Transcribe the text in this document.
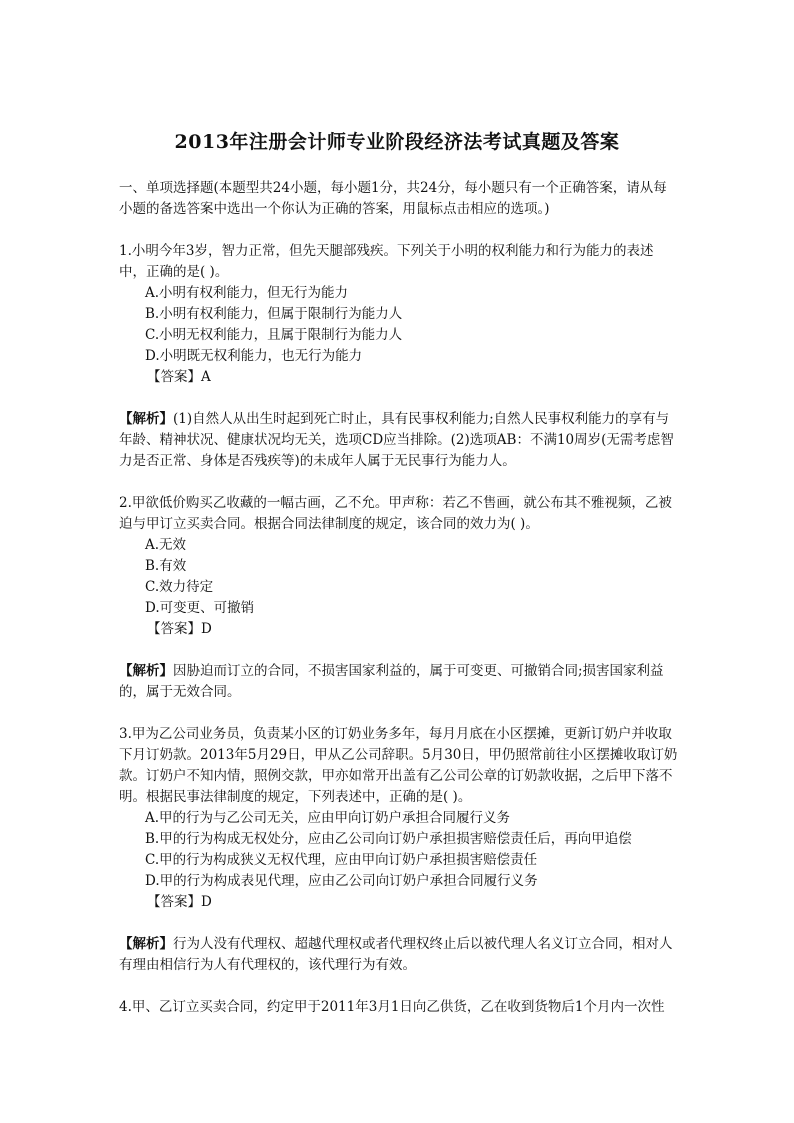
2013年注册会计师专业阶段经济法考试真题及答案

一、单项选择题(本题型共24小题，每小题1分，共24分，每小题只有一个正确答案，请从每小题的备选答案中选出一个你认为正确的答案，用鼠标点击相应的选项。)

1.小明今年3岁，智力正常，但先天腿部残疾。下列关于小明的权利能力和行为能力的表述中，正确的是( )。

A.小明有权利能力，但无行为能力

B.小明有权利能力，但属于限制行为能力人

C.小明无权利能力，且属于限制行为能力人

D.小明既无权利能力，也无行为能力

【答案】A

【解析】(1)自然人从出生时起到死亡时止，具有民事权利能力;自然人民事权利能力的享有与年龄、精神状况、健康状况均无关，选项CD应当排除。(2)选项AB：不满10周岁(无需考虑智力是否正常、身体是否残疾等)的未成年人属于无民事行为能力人。

2.甲欲低价购买乙收藏的一幅古画，乙不允。甲声称：若乙不售画，就公布其不雅视频，乙被迫与甲订立买卖合同。根据合同法律制度的规定，该合同的效力为( )。

A.无效

B.有效

C.效力待定

D.可变更、可撤销

【答案】D

【解析】因胁迫而订立的合同，不损害国家利益的，属于可变更、可撤销合同;损害国家利益的，属于无效合同。

3.甲为乙公司业务员，负责某小区的订奶业务多年，每月月底在小区摆摊，更新订奶户并收取下月订奶款。2013年5月29日，甲从乙公司辞职。5月30日，甲仍照常前往小区摆摊收取订奶款。订奶户不知内情，照例交款，甲亦如常开出盖有乙公司公章的订奶款收据，之后甲下落不明。根据民事法律制度的规定，下列表述中，正确的是( )。

A.甲的行为与乙公司无关，应由甲向订奶户承担合同履行义务

B.甲的行为构成无权处分，应由乙公司向订奶户承担损害赔偿责任后，再向甲追偿

C.甲的行为构成狭义无权代理，应由甲向订奶户承担损害赔偿责任

D.甲的行为构成表见代理，应由乙公司向订奶户承担合同履行义务

【答案】D

【解析】行为人没有代理权、超越代理权或者代理权终止后以被代理人名义订立合同，相对人有理由相信行为人有代理权的，该代理行为有效。

4.甲、乙订立买卖合同，约定甲于2011年3月1日向乙供货，乙在收到货物后1个月内一次性
